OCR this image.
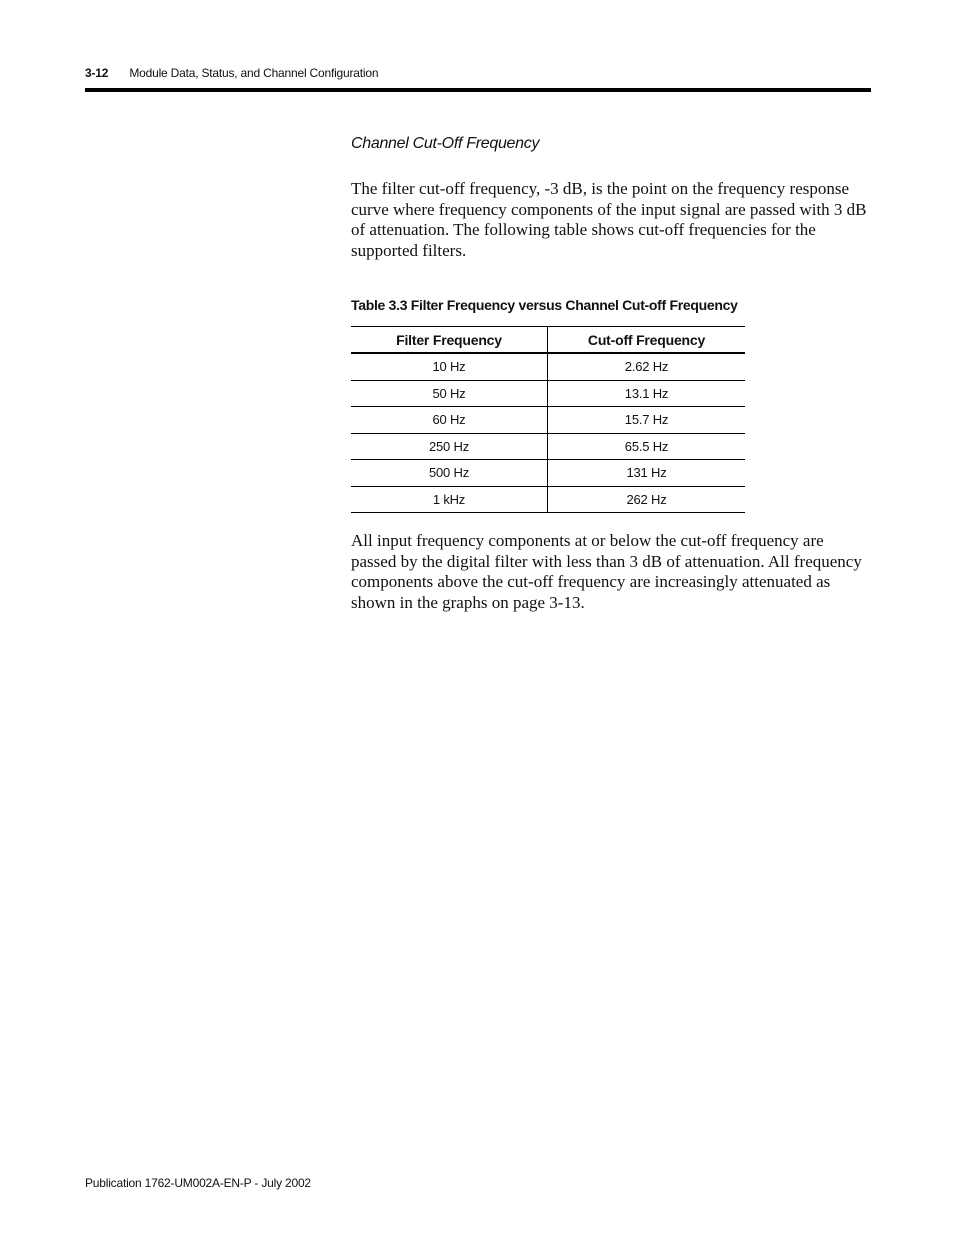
3-12 Module Data, Status, and Channel Configuration
Channel Cut-Off Frequency

The filter cut-off frequency, -3 dB, is the point on the frequency response curve where frequency components of the input signal are passed with 3 dB of attenuation. The following table shows cut-off frequencies for the supported filters.

Table 3.3 Filter Frequency versus Channel Cut-off Frequency
Filter Frequency	Cut-off Frequency
10 Hz	2.62 Hz
50 Hz	13.1 Hz
60 Hz	15.7 Hz
250 Hz	65.5 Hz
500 Hz	131 Hz
1 kHz	262 Hz

All input frequency components at or below the cut-off frequency are passed by the digital filter with less than 3 dB of attenuation. All frequency components above the cut-off frequency are increasingly attenuated as shown in the graphs on page 3-13.

Publication 1762-UM002A-EN-P - July 2002
